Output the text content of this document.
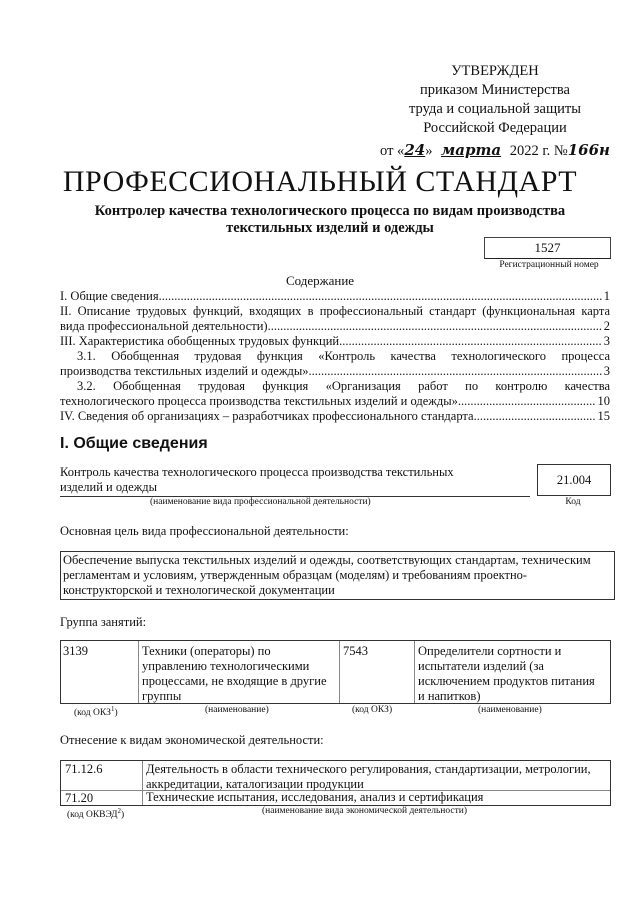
УТВЕРЖДЕН
приказом Министерства
труда и социальной защиты
Российской Федерации
от «24» марта 2022 г. №166н
ПРОФЕССИОНАЛЬНЫЙ СТАНДАРТ
Контролер качества технологического процесса по видам производства
текстильных изделий и одежды
1527
Регистрационный номер
Содержание
I. Общие сведения .....	1
II. Описание трудовых функций, входящих в профессиональный стандарт (функциональная карта
вида профессиональной деятельности) .....	2
III. Характеристика обобщенных трудовых функций .....	3
3.1. Обобщенная трудовая функция «Контроль качества технологического процесса
производства текстильных изделий и одежды» .....	3
3.2. Обобщенная трудовая функция «Организация работ по контролю качества
технологического процесса производства текстильных изделий и одежды» .....	10
IV. Сведения об организациях – разработчиках профессионального стандарта .....	15
I. Общие сведения
Контроль качества технологического процесса производства текстильных
изделий и одежды
(наименование вида профессиональной деятельности)
21.004
Код
Основная цель вида профессиональной деятельности:
Обеспечение выпуска текстильных изделий и одежды, соответствующих стандартам, техническим
регламентам и условиям, утвержденным образцам (моделям) и требованиям проектно-
конструкторской и технологической документации
Группа занятий:
3139	Техники (операторы) по
управлению технологическими
процессами, не входящие в другие
группы
7543	Определители сортности и
испытатели изделий (за
исключением продуктов питания
и напитков)
(код ОКЗ$^1$)	(наименование)	(код ОКЗ)	(наименование)
Отнесение к видам экономической деятельности:
71.12.6	Деятельность в области технического регулирования, стандартизации, метрологии,
аккредитации, каталогизации продукции
71.20	Технические испытания, исследования, анализ и сертификация
(код ОКВЭД$^2$)	(наименование вида экономической деятельности)
